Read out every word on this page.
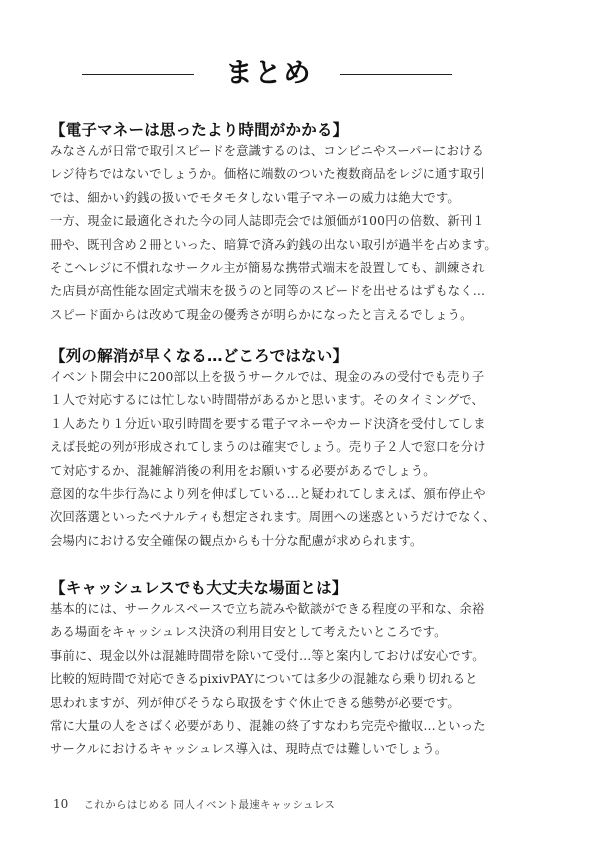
まとめ
【電子マネーは思ったより時間がかかる】
みなさんが日常で取引スピードを意識するのは、コンビニやスーパーにおける
レジ待ちではないでしょうか。価格に端数のついた複数商品をレジに通す取引
では、細かい釣銭の扱いでモタモタしない電子マネーの威力は絶大です。
一方、現金に最適化された今の同人誌即売会では頒価が100円の倍数、新刊１
冊や、既刊含め２冊といった、暗算で済み釣銭の出ない取引が過半を占めます。
そこへレジに不慣れなサークル主が簡易な携帯式端末を設置しても、訓練され
た店員が高性能な固定式端末を扱うのと同等のスピードを出せるはずもなく…
スピード面からは改めて現金の優秀さが明らかになったと言えるでしょう。
【列の解消が早くなる…どころではない】
イベント開会中に200部以上を扱うサークルでは、現金のみの受付でも売り子
１人で対応するには忙しない時間帯があるかと思います。そのタイミングで、
１人あたり１分近い取引時間を要する電子マネーやカード決済を受付してしま
えば長蛇の列が形成されてしまうのは確実でしょう。売り子２人で窓口を分け
て対応するか、混雑解消後の利用をお願いする必要があるでしょう。
意図的な牛歩行為により列を伸ばしている…と疑われてしまえば、頒布停止や
次回落選といったペナルティも想定されます。周囲への迷惑というだけでなく、
会場内における安全確保の観点からも十分な配慮が求められます。
【キャッシュレスでも大丈夫な場面とは】
基本的には、サークルスペースで立ち読みや歓談ができる程度の平和な、余裕
ある場面をキャッシュレス決済の利用目安として考えたいところです。
事前に、現金以外は混雑時間帯を除いて受付…等と案内しておけば安心です。
比較的短時間で対応できるpixivPAYについては多少の混雑なら乗り切れると
思われますが、列が伸びそうなら取扱をすぐ休止できる態勢が必要です。
常に大量の人をさばく必要があり、混雑の終了すなわち完売や撤収…といった
サークルにおけるキャッシュレス導入は、現時点では難しいでしょう。
10 これからはじめる 同人イベント最速キャッシュレス
